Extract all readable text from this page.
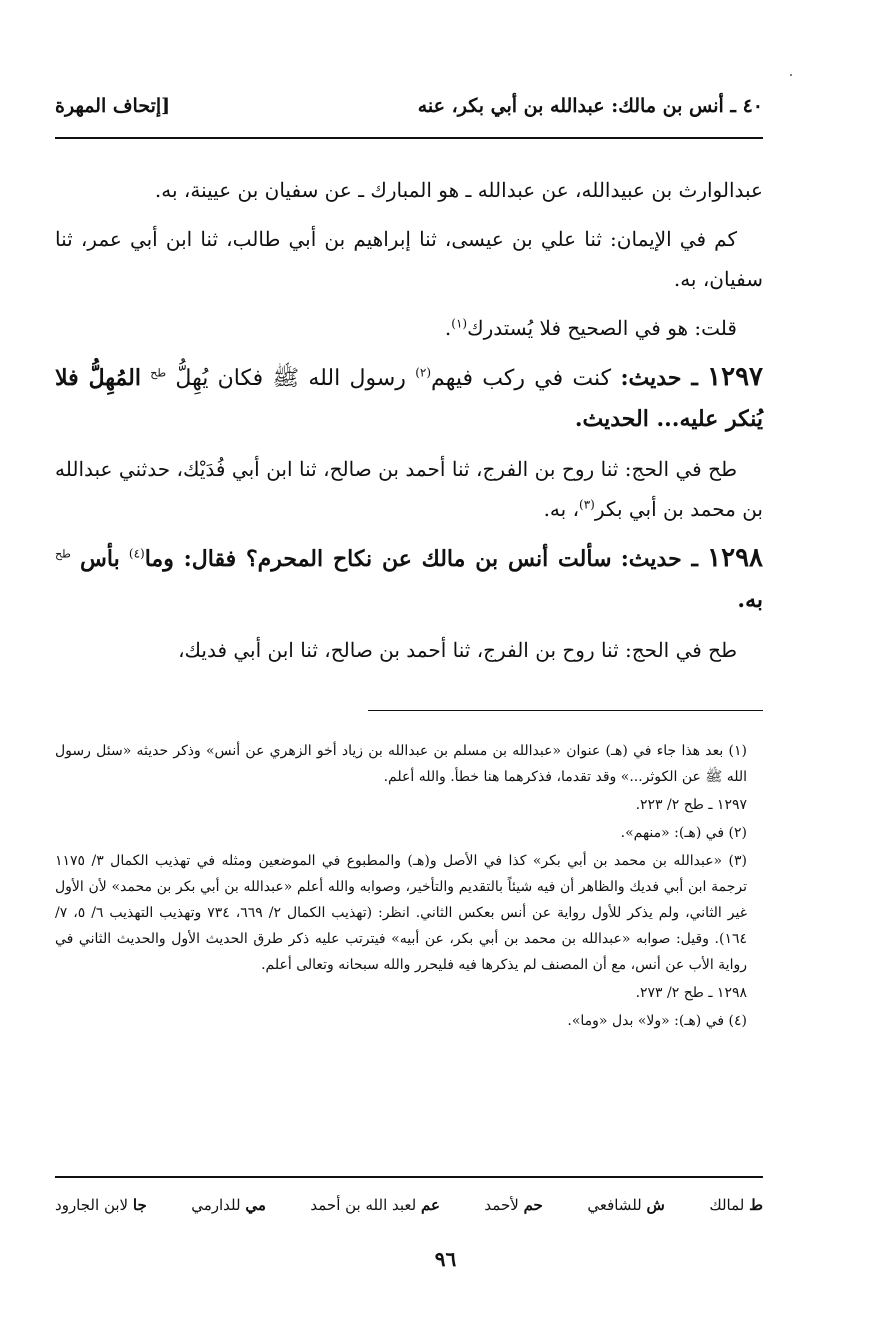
٤٠ ـ أنس بن مالك: عبدالله بن أبي بكر، عنه
[إتحاف المهرة

عبدالوارث بن عبيدالله، عن عبدالله ـ هو المبارك ـ عن سفيان بن عيينة، به.

كم في الإيمان: ثنا علي بن عيسى، ثنا إبراهيم بن أبي طالب، ثنا ابن أبي عمر، ثنا سفيان، به.

قلت: هو في الصحيح فلا يُستدرك$^{(١)}$.

١٢٩٧ ـ حديث: كنت في ركب فيهم$^{(٢)}$ رسول الله ﷺ فكان يُهِلُّ $^{طح}$ المُهِلُّ فلا يُنكر عليه... الحديث.

طح في الحج: ثنا روح بن الفرج، ثنا أحمد بن صالح، ثنا ابن أبي فُدَيْك، حدثني عبدالله بن محمد بن أبي بكر$^{(٣)}$، به.

١٢٩٨ ـ حديث: سألت أنس بن مالك عن نكاح المحرم؟ فقال: وما$^{(٤)}$ بأس $^{طح}$ به.

طح في الحج: ثنا روح بن الفرج، ثنا أحمد بن صالح، ثنا ابن أبي فديك،

(١) بعد هذا جاء في (هـ) عنوان «عبدالله بن مسلم بن عبدالله بن زياد أخو الزهري عن أنس» وذكر حديثه «سئل رسول الله ﷺ عن الكوثر...» وقد تقدما، فذكرهما هنا خطأ. والله أعلم.

١٢٩٧ ـ طح ٢/ ٢٢٣.

(٢) في (هـ): «منهم».

(٣) «عبدالله بن محمد بن أبي بكر» كذا في الأصل و(هـ) والمطبوع في الموضعين ومثله في تهذيب الكمال ٣/ ١١٧٥ ترجمة ابن أبي فديك والظاهر أن فيه شيئاً بالتقديم والتأخير، وصوابه والله أعلم «عبدالله بن أبي بكر بن محمد» لأن الأول غير الثاني، ولم يذكر للأول رواية عن أنس بعكس الثاني. انظر: (تهذيب الكمال ٢/ ٦٦٩، ٧٣٤ وتهذيب التهذيب ٦/ ٥، ٧/ ١٦٤). وقيل: صوابه «عبدالله بن محمد بن أبي بكر، عن أبيه» فيترتب عليه ذكر طرق الحديث الأول والحديث الثاني في رواية الأب عن أنس، مع أن المصنف لم يذكرها فيه فليحرر والله سبحانه وتعالى أعلم.

١٢٩٨ ـ طح ٢/ ٢٧٣.

(٤) في (هـ): «ولا» بدل «وما».

ط لمالك
ش للشافعي
حم لأحمد
عم لعبد الله بن أحمد
مي للدارمي
جا لابن الجارود
٩٦
